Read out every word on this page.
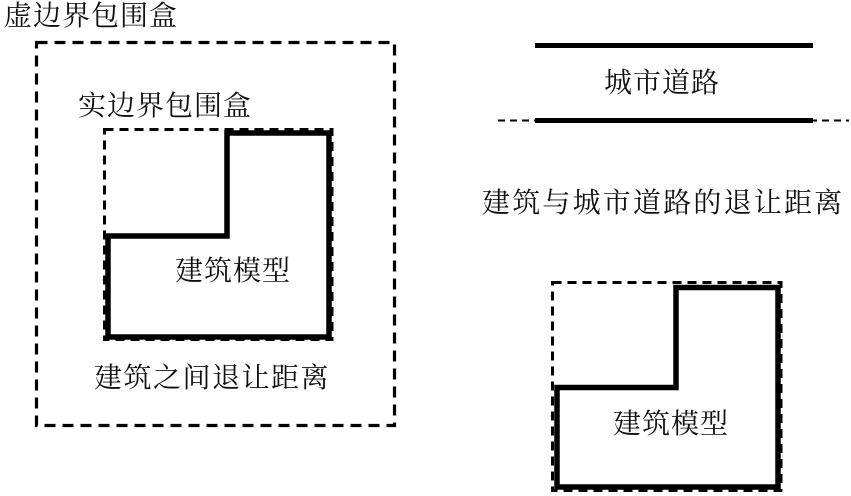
虚边界包围盒
实边界包围盒
建筑模型
建筑之间退让距离
城市道路
建筑与城市道路的退让距离
建筑模型
